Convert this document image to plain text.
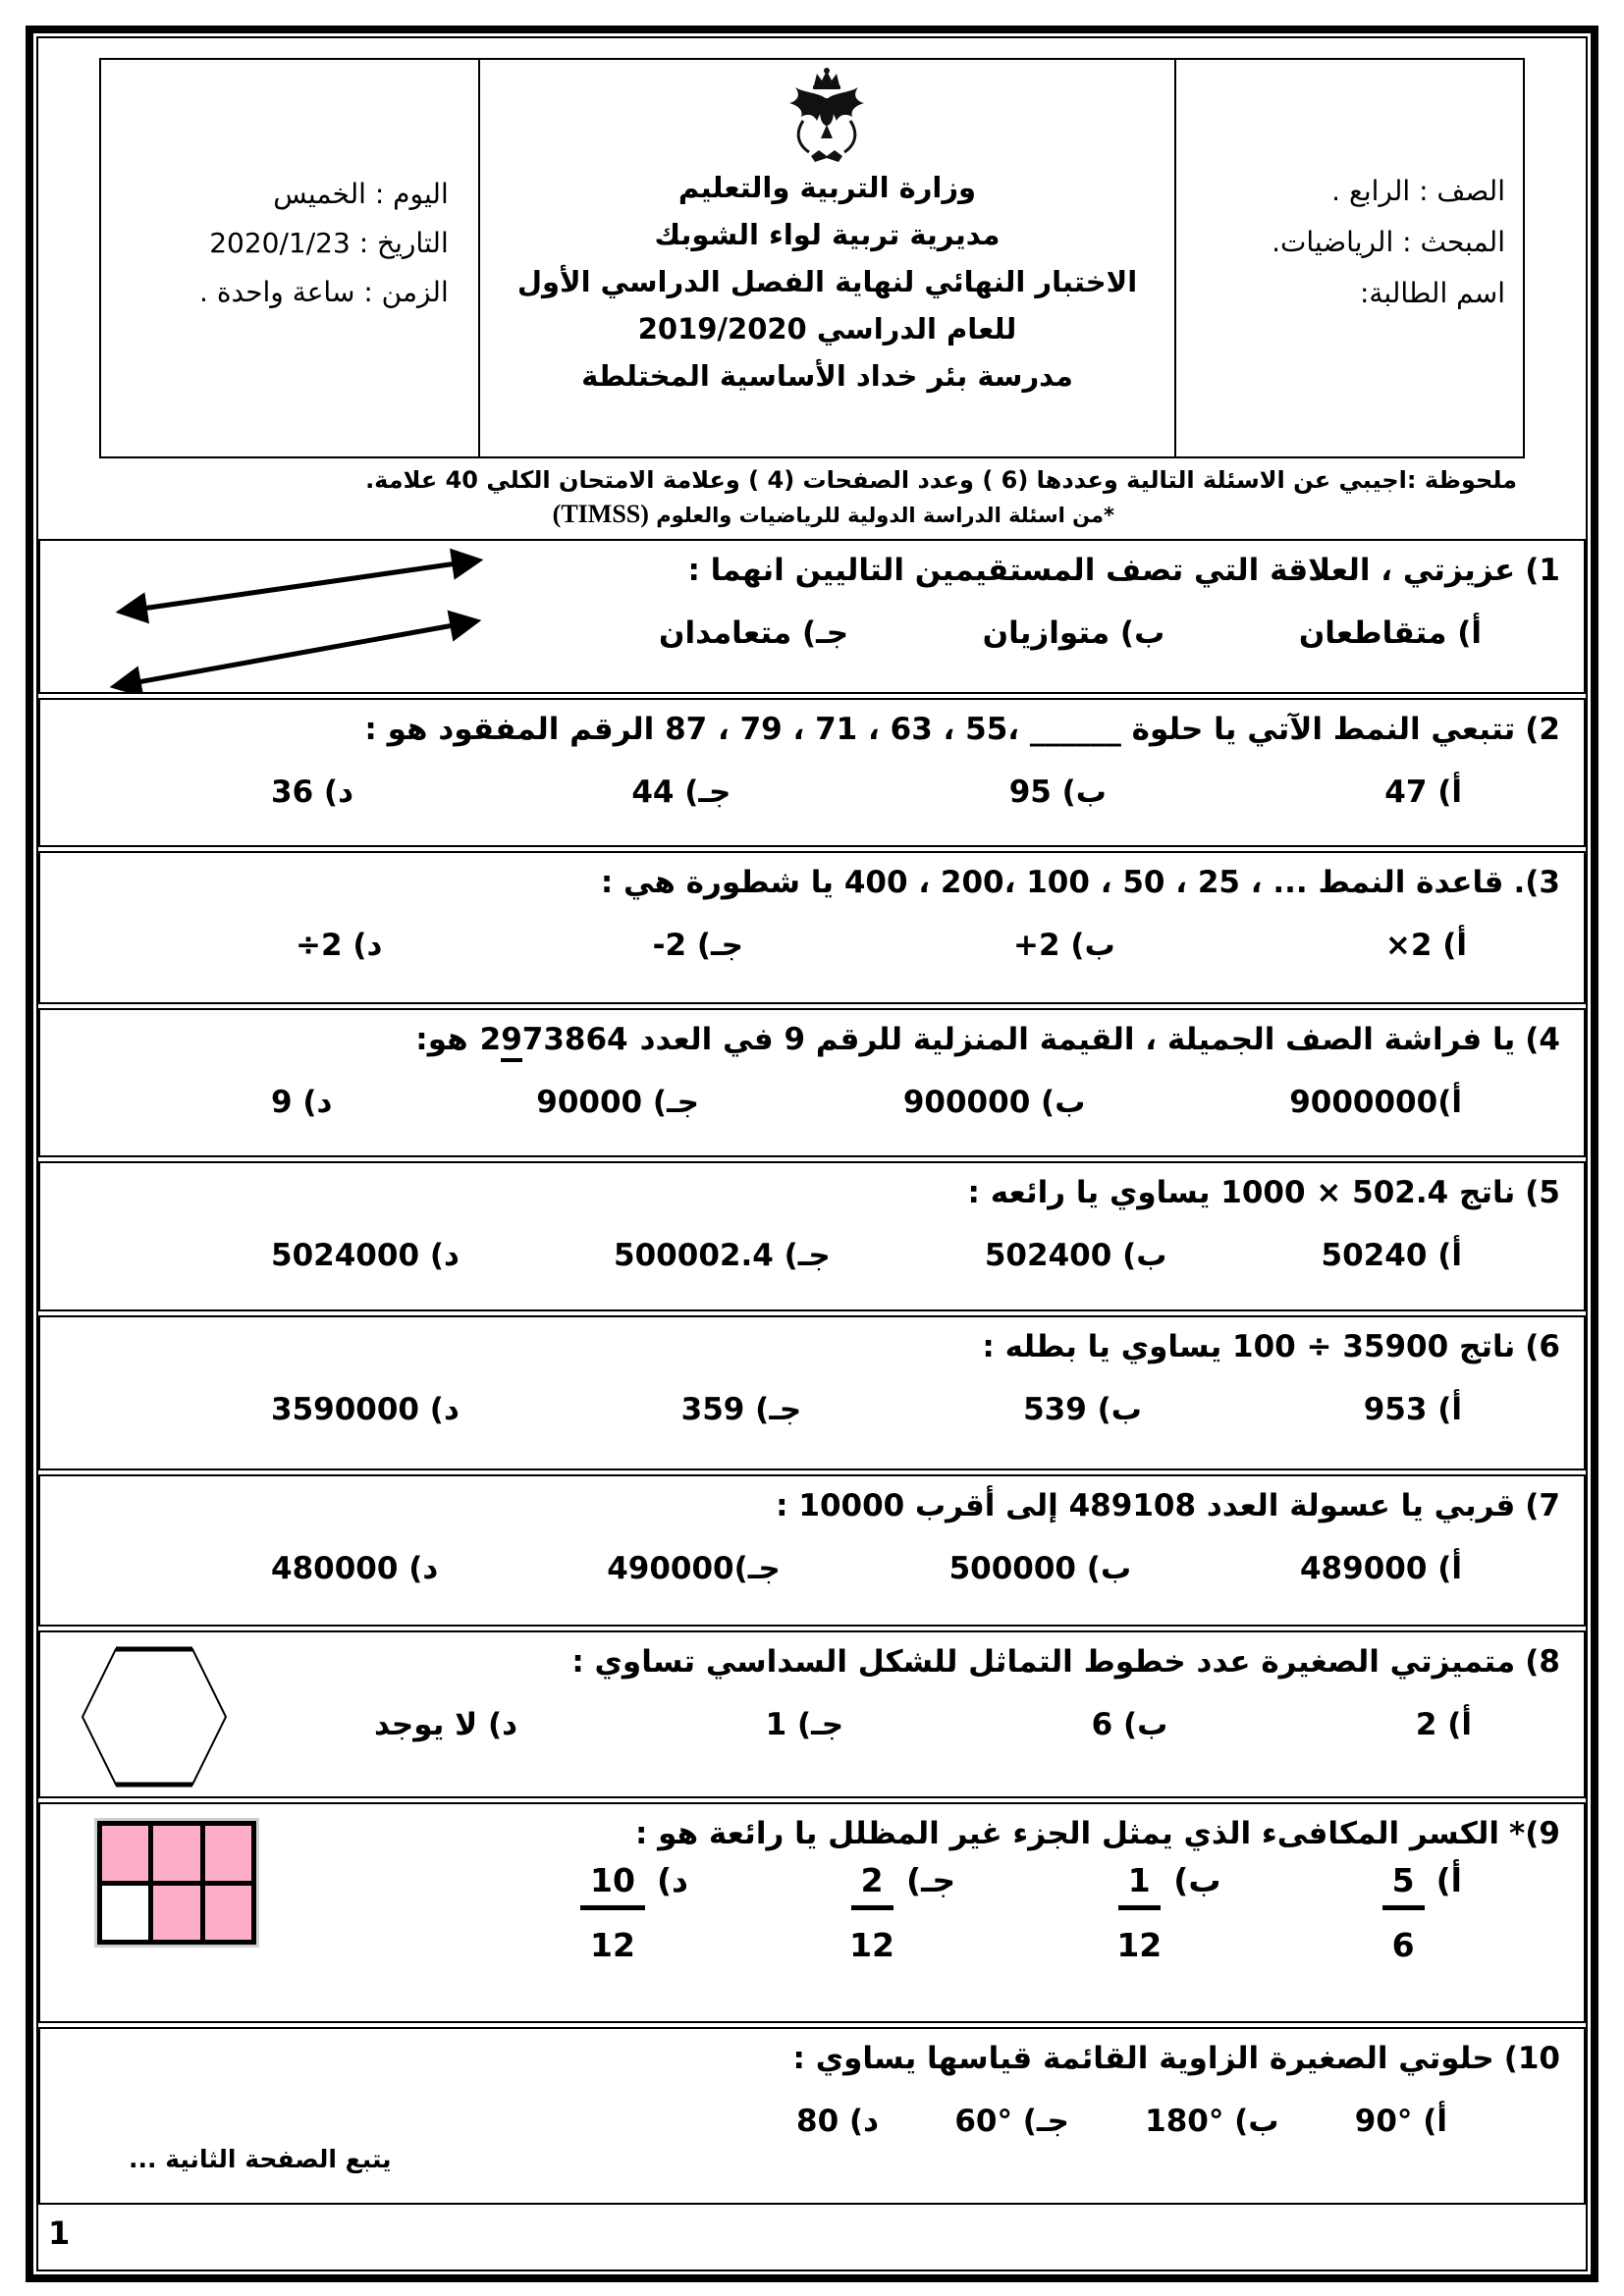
الصف : الرابع .
المبحث : الرياضيات.
اسم الطالبة:
وزارة التربية والتعليم
مديرية تربية لواء الشوبك
الاختبار النهائي لنهاية الفصل الدراسي الأول
للعام الدراسي 2019/2020
مدرسة بئر خداد الأساسية المختلطة
اليوم : الخميس
التاريخ : 2020/1/23
الزمن : ساعة واحدة .
ملحوظة :اجيبي عن الاسئلة التالية وعددها (6 ) وعدد الصفحات (4 ) وعلامة الامتحان الكلي 40 علامة.
*من اسئلة الدراسة الدولية للرياضيات والعلوم (TIMSS)
1)عزيزتي ، العلاقة التي تصف المستقيمين التاليين انهما :
أ) متقاطعان
ب) متوازيان
جـ) متعامدان
2)تتبعي النمط الآتي يا حلوة ______ ،55 ، 63 ، 71 ، 79 ، 87 الرقم المفقود هو :
أ) 47
ب) 95
جـ) 44
د) 36
3).قاعدة النمط ... ، 25 ، 50 ، 100 ،200 ، 400 يا شطورة هي :
أ) 2×
ب) 2+
جـ) 2-
د) 2÷
4)يا فراشة الصف الجميلة ، القيمة المنزلية للرقم 9 في العدد2973864هو:
أ)9000000
ب) 900000
جـ) 90000
د) 9
5)ناتج 502.4 × 1000 يساوي يا رائعه :
أ) 50240
ب) 502400
جـ) 500002.4
د) 5024000
6)ناتج 35900 ÷ 100 يساوي يا بطله :
أ) 953
ب) 539
جـ) 359
د) 3590000
7)قربي يا عسولة العدد 489108 إلى أقرب 10000 :
أ) 489000
ب) 500000
جـ)490000
د) 480000
8)متميزتي الصغيرة عدد خطوط التماثل للشكل السداسي تساوي :
أ) 2
ب) 6
جـ) 1
د) لا يوجد
9)*الكسر المكافىء الذي يمثل الجزء غير المظلل يا رائعة هو :
أ)
$\frac{5}{6}$
ب)
$\frac{1}{12}$
جـ)
$\frac{2}{12}$
د)
$\frac{10}{12}$
10)حلوتي الصغيرة الزاوية القائمة قياسها يساوي :
أ) °90
ب) °180
جـ) °60
د) 80
يتبع الصفحة الثانية ...
1
